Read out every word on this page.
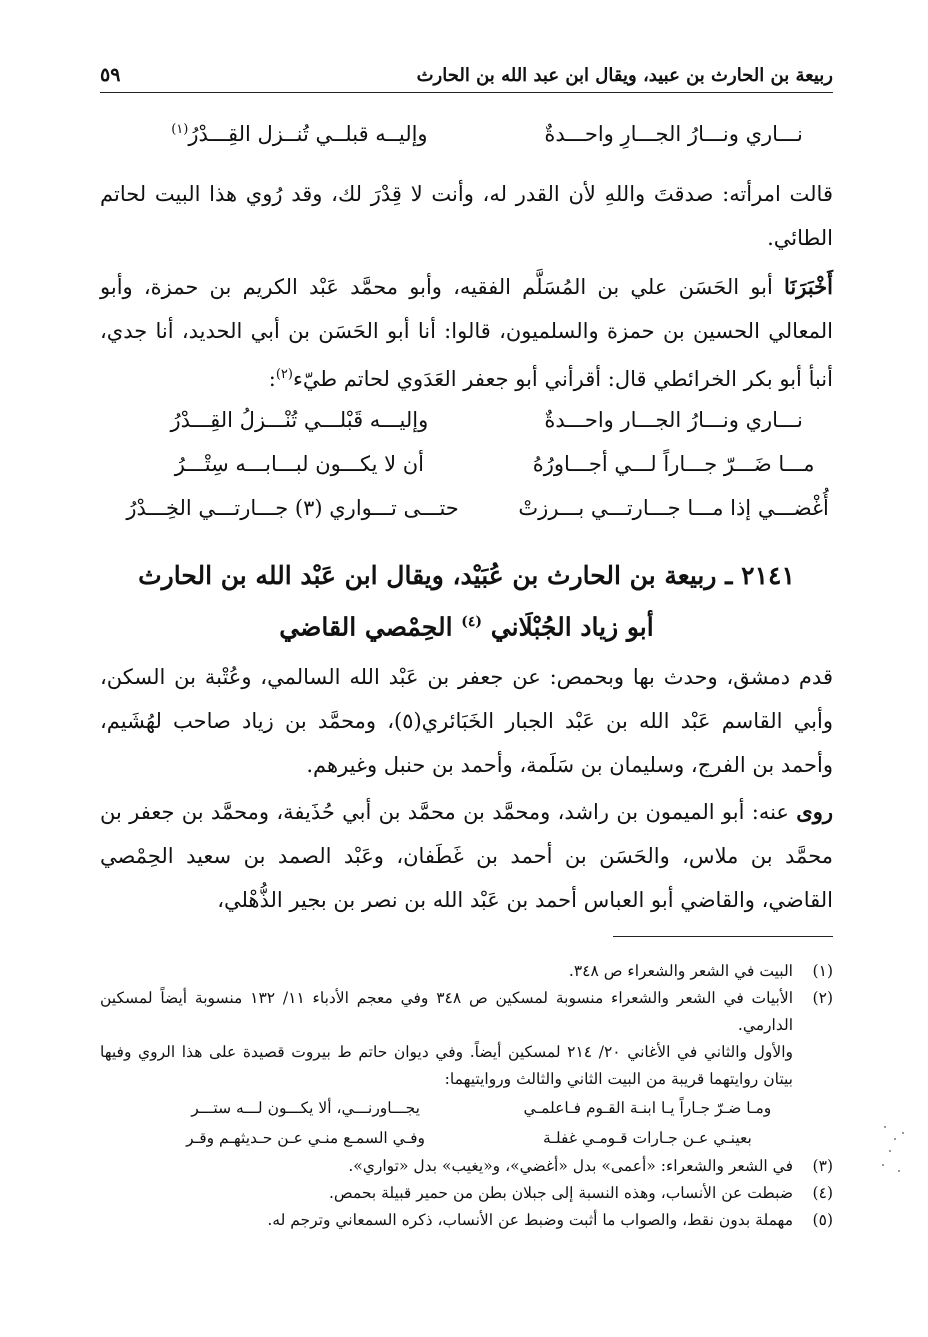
ربيعة بن الحارث بن عبيد، ويقال ابن عبد الله بن الحارث
٥٩
نـــاري ونـــارُ الجـــارِ واحـــدةٌ
وإليــه قبلــي تُنــزل القِـــدْرُ$^{(١)}$
قالت امرأته: صدقتَ واللهِ لأن القدر له، وأنت لا قِدْرَ لك، وقد رُوي هذا البيت لحاتم الطائي.
أَخْبَرَنَا أبو الحَسَن علي بن المُسَلَّم الفقيه، وأبو محمَّد عَبْد الكريم بن حمزة، وأبو المعالي الحسين بن حمزة والسلميون، قالوا: أنا أبو الحَسَن بن أبي الحديد، أنا جدي، أنبأ أبو بكر الخرائطي قال: أقرأني أبو جعفر العَدَوي لحاتم طيّء$^{(٢)}$:
نـــاري ونـــارُ الجـــار واحـــدةٌ
وإليـــه قَبْلـــي تُنْـــزلُ القِـــدْرُ
مـــا ضَـــرّ جـــاراً لـــي أجـــاورُهُ
أن لا يكـــون لبـــابـــه سِتْـــرُ
أُغْضـــي إذا مـــا جـــارتـــي بـــرزتْ
حتـــى تـــواري (٣) جـــارتـــي الخِـــدْرُ
٢١٤١ ـ ربيعة بن الحارث بن عُبَيْد، ويقال ابن عَبْد الله بن الحارث
أبو زياد الجُبْلَاني $^{(٤)}$ الحِمْصي القاضي
قدم دمشق، وحدث بها وبحمص: عن جعفر بن عَبْد الله السالمي، وعُتْبة بن السكن، وأبي القاسم عَبْد الله بن عَبْد الجبار الخَبَائري(٥)، ومحمَّد بن زياد صاحب لهُشَيم، وأحمد بن الفرج، وسليمان بن سَلَمة، وأحمد بن حنبل وغيرهم.
روى عنه: أبو الميمون بن راشد، ومحمَّد بن محمَّد بن أبي حُذَيفة، ومحمَّد بن جعفر بن محمَّد بن ملاس، والحَسَن بن أحمد بن غَطَفان، وعَبْد الصمد بن سعيد الحِمْصي القاضي، والقاضي أبو العباس أحمد بن عَبْد الله بن نصر بن بجير الذُّهْلي،
(١)
البيت في الشعر والشعراء ص ٣٤٨.
(٢)
الأبيات في الشعر والشعراء منسوبة لمسكين ص ٣٤٨ وفي معجم الأدباء ١١/ ١٣٢ منسوبة أيضاً لمسكين الدارمي.
والأول والثاني في الأغاني ٢٠/ ٢١٤ لمسكين أيضاً. وفي ديوان حاتم ط بيروت قصيدة على هذا الروي وفيها بيتان روايتهما قريبة من البيت الثاني والثالث وروايتيهما:
ومـا ضـرّ جـاراً يـا ابنـة القـوم فـاعلمـي
يجـــاورنـــي، ألا يكـــون لـــه ستـــر
بعينـي عـن جـارات قـومـي غفلـة
وفـي السمـع منـي عـن حـديثهـم وقـر
(٣)
في الشعر والشعراء: «أعمى» بدل «أغضي»، و«يغيب» بدل «تواري».
(٤)
ضبطت عن الأنساب، وهذه النسبة إلى جبلان بطن من حمير قبيلة بحمص.
(٥)
مهملة بدون نقط، والصواب ما أثبت وضبط عن الأنساب، ذكره السمعاني وترجم له.
